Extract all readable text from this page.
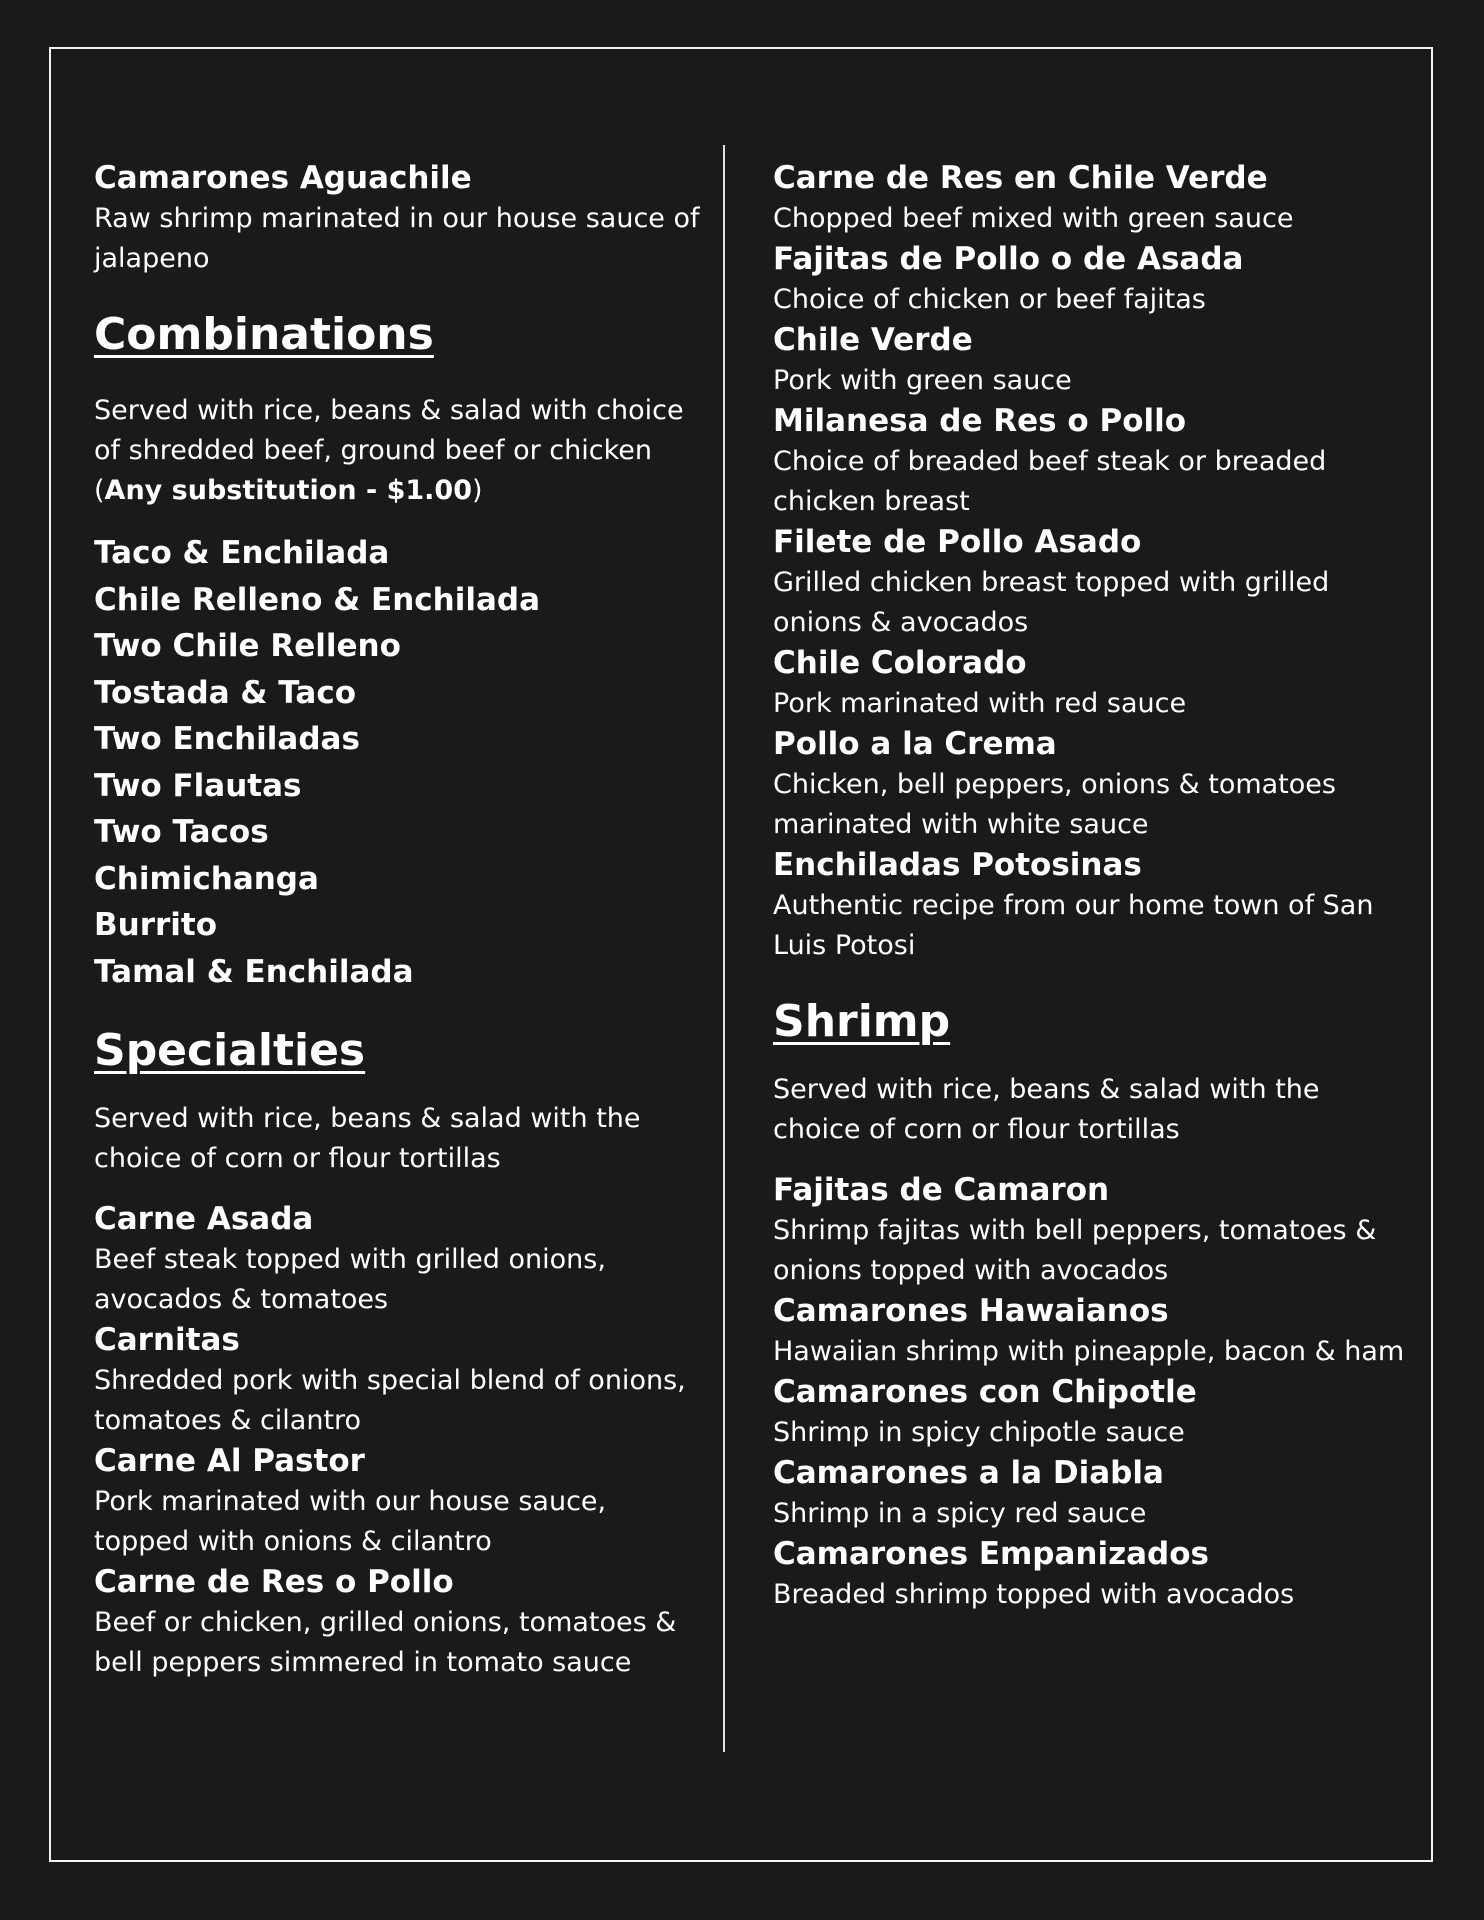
Camarones Aguachile

Raw shrimp marinated in our house sauce of jalapeno

Combinations

Served with rice, beans & salad with choice of shredded beef, ground beef or chicken
(Any substitution - $1.00)

Taco & Enchilada

Chile Relleno & Enchilada

Two Chile Relleno

Tostada & Taco

Two Enchiladas

Two Flautas

Two Tacos

Chimichanga

Burrito

Tamal & Enchilada

Specialties

Served with rice, beans & salad with the choice of corn or flour tortillas

Carne Asada

Beef steak topped with grilled onions, avocados & tomatoes

Carnitas

Shredded pork with special blend of onions, tomatoes & cilantro

Carne Al Pastor

Pork marinated with our house sauce, topped with onions & cilantro

Carne de Res o Pollo

Beef or chicken, grilled onions, tomatoes & bell peppers simmered in tomato sauce

Carne de Res en Chile Verde

Chopped beef mixed with green sauce

Fajitas de Pollo o de Asada

Choice of chicken or beef fajitas

Chile Verde

Pork with green sauce

Milanesa de Res o Pollo

Choice of breaded beef steak or breaded chicken breast

Filete de Pollo Asado

Grilled chicken breast topped with grilled onions & avocados

Chile Colorado

Pork marinated with red sauce

Pollo a la Crema

Chicken, bell peppers, onions & tomatoes marinated with white sauce

Enchiladas Potosinas

Authentic recipe from our home town of San Luis Potosi

Shrimp

Served with rice, beans & salad with the choice of corn or flour tortillas

Fajitas de Camaron

Shrimp fajitas with bell peppers, tomatoes & onions topped with avocados

Camarones Hawaianos

Hawaiian shrimp with pineapple, bacon & ham

Camarones con Chipotle

Shrimp in spicy chipotle sauce

Camarones a la Diabla

Shrimp in a spicy red sauce

Camarones Empanizados

Breaded shrimp topped with avocados
